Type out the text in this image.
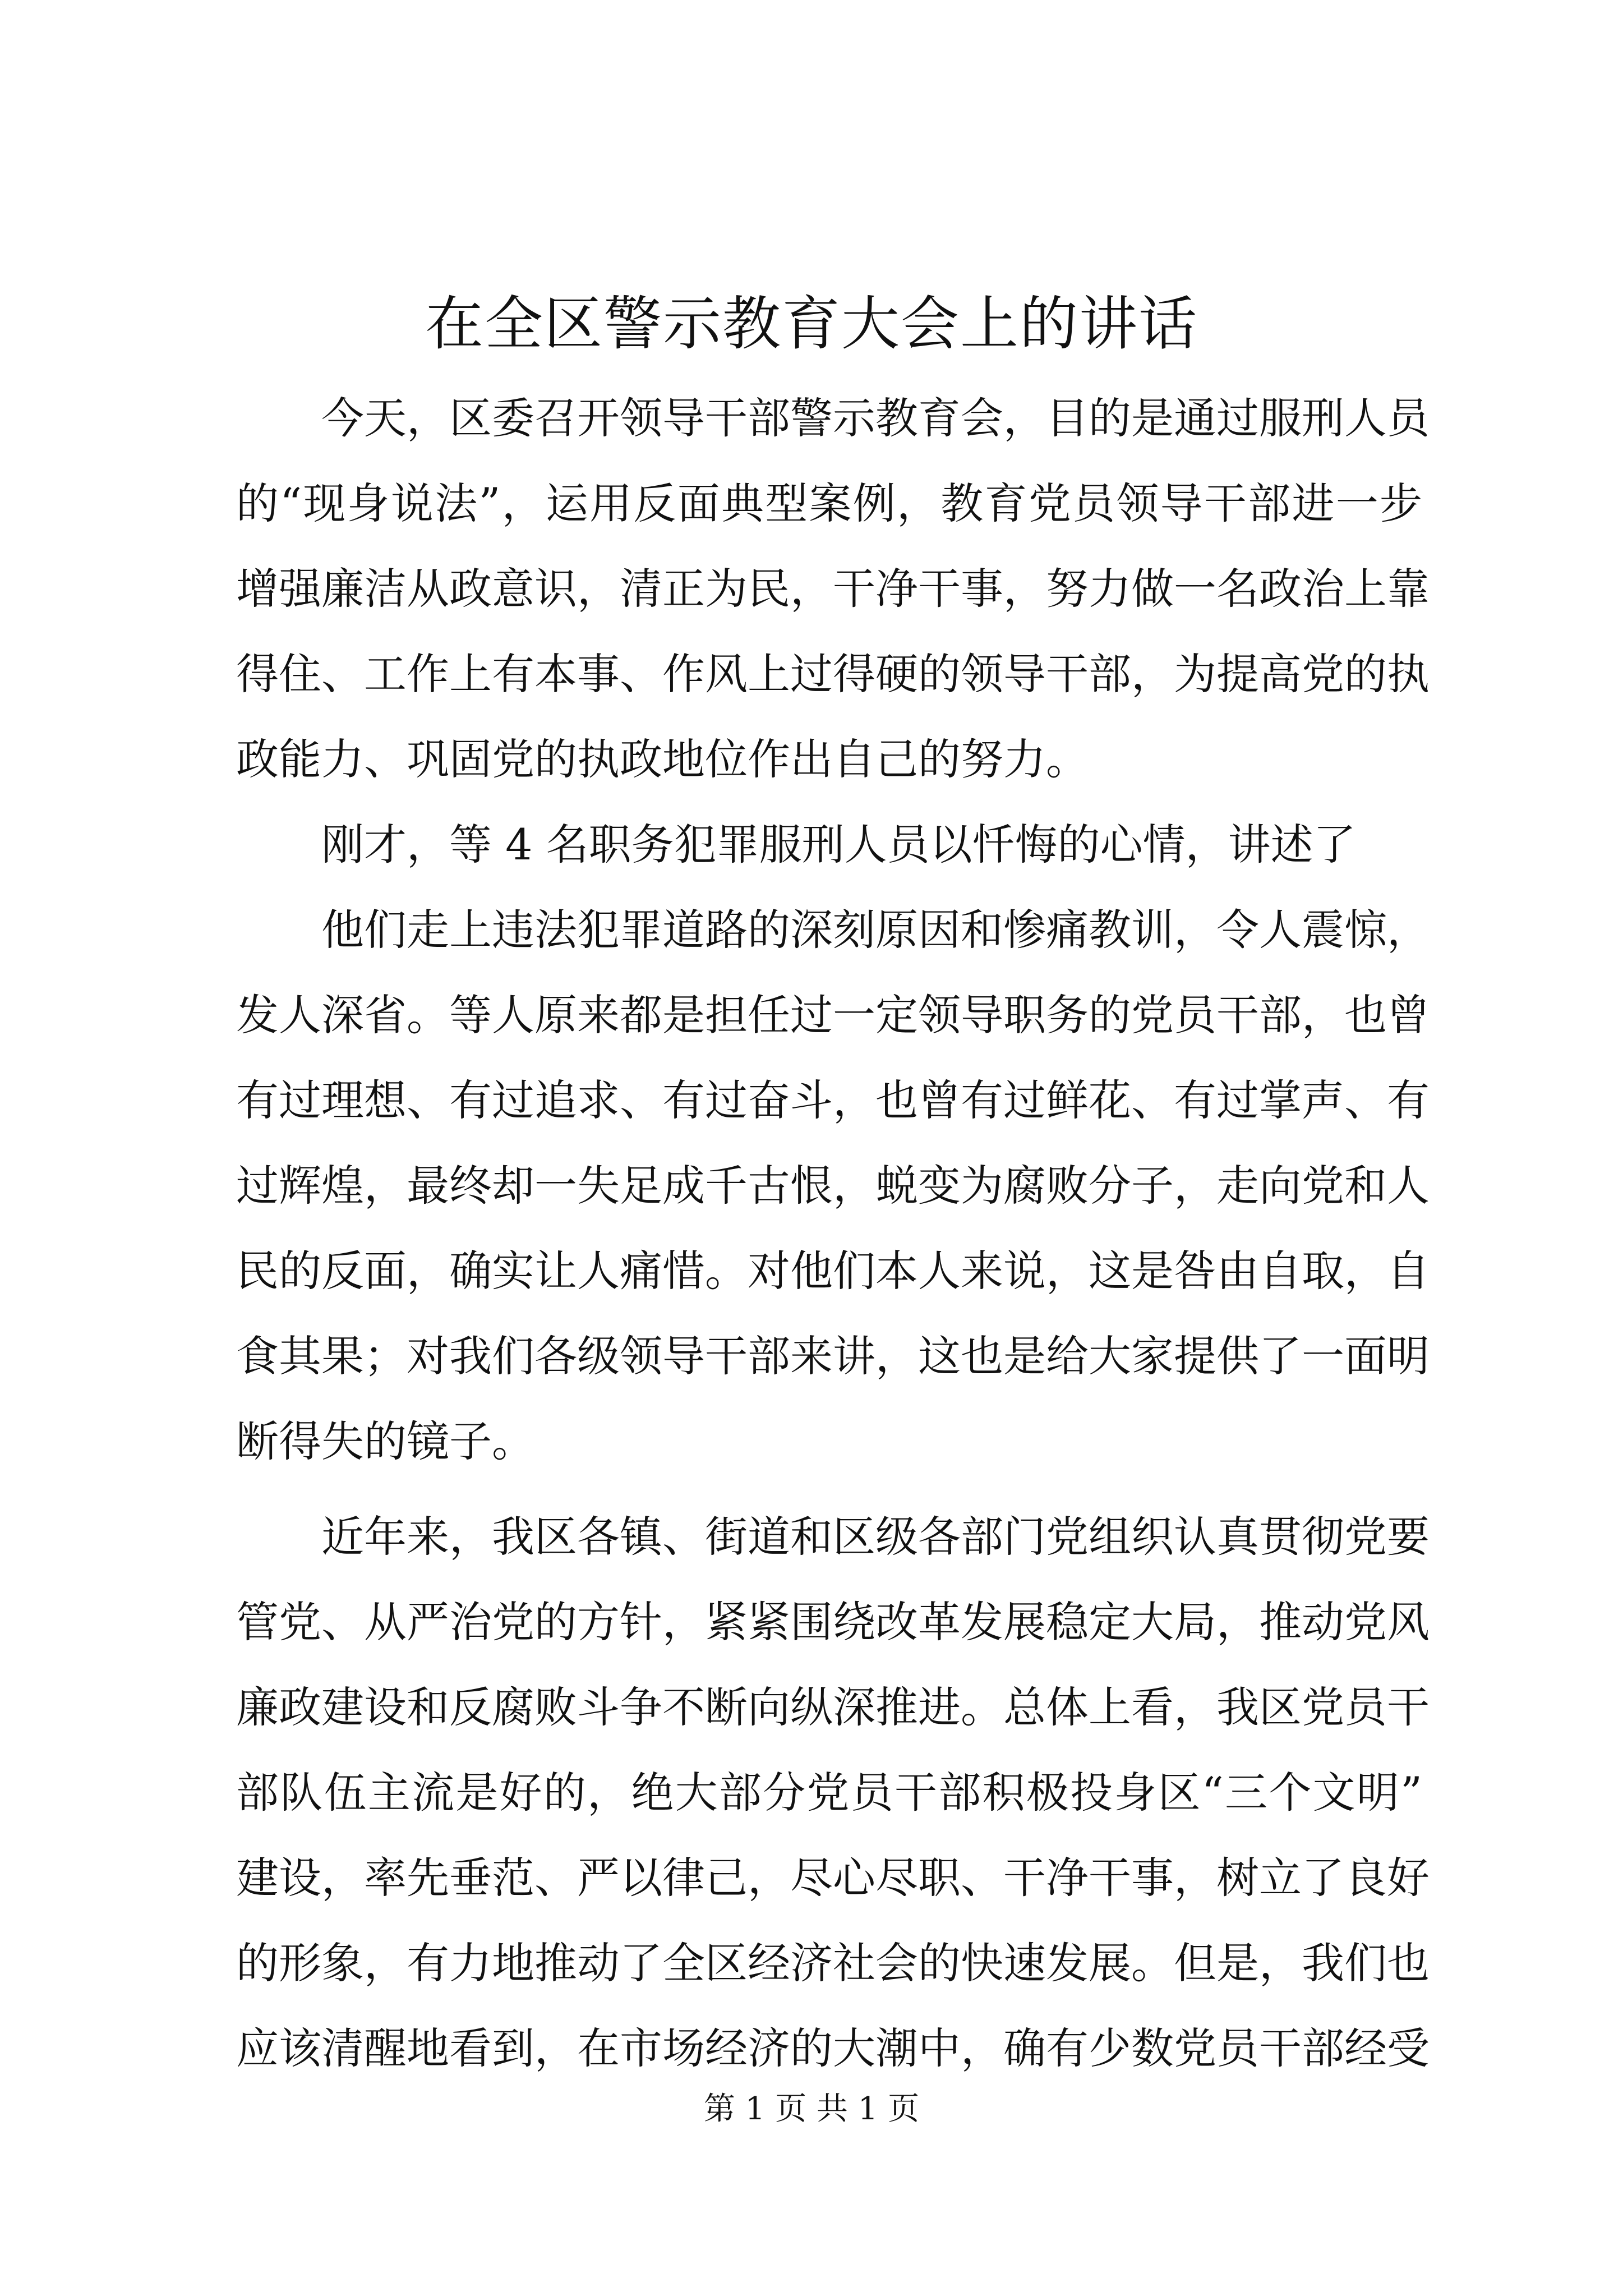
在全区警示教育大会上的讲话
今天，区委召开领导干部警示教育会，目的是通过服刑人员
的“现身说法”，运用反面典型案例，教育党员领导干部进一步
增强廉洁从政意识，清正为民，干净干事，努力做一名政治上靠
得住、工作上有本事、作风上过得硬的领导干部，为提高党的执
政能力、巩固党的执政地位作出自己的努力。
刚才，等 4 名职务犯罪服刑人员以忏悔的心情，讲述了
他们走上违法犯罪道路的深刻原因和惨痛教训，令人震惊，
发人深省。等人原来都是担任过一定领导职务的党员干部，也曾
有过理想、有过追求、有过奋斗，也曾有过鲜花、有过掌声、有
过辉煌，最终却一失足成千古恨，蜕变为腐败分子，走向党和人
民的反面，确实让人痛惜。对他们本人来说，这是咎由自取，自
食其果；对我们各级领导干部来讲，这也是给大家提供了一面明
断得失的镜子。
近年来，我区各镇、街道和区级各部门党组织认真贯彻党要
管党、从严治党的方针，紧紧围绕改革发展稳定大局，推动党风
廉政建设和反腐败斗争不断向纵深推进。总体上看，我区党员干
部队伍主流是好的，绝大部分党员干部积极投身区“三个文明”
建设，率先垂范、严以律己，尽心尽职、干净干事，树立了良好
的形象，有力地推动了全区经济社会的快速发展。但是，我们也
应该清醒地看到，在市场经济的大潮中，确有少数党员干部经受
第 1 页 共 1 页
